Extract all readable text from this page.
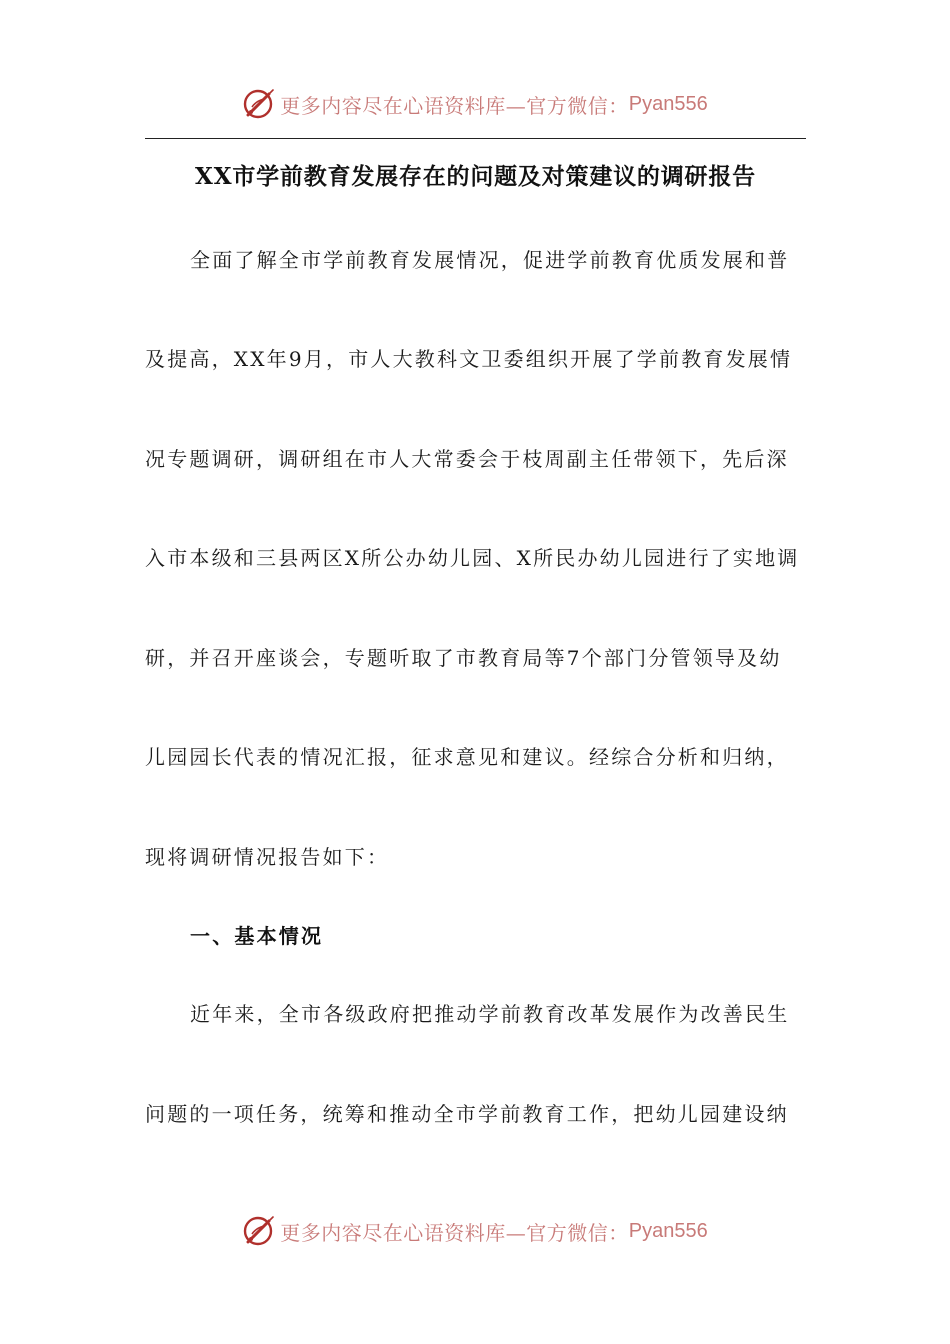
更多内容尽在心语资料库—官方微信： Pyan556
XX市学前教育发展存在的问题及对策建议的调研报告
全面了解全市学前教育发展情况，促进学前教育优质发展和普
及提高，XX年9月，市人大教科文卫委组织开展了学前教育发展情
况专题调研，调研组在市人大常委会于枝周副主任带领下，先后深
入市本级和三县两区X所公办幼儿园、X所民办幼儿园进行了实地调
研，并召开座谈会，专题听取了市教育局等7个部门分管领导及幼
儿园园长代表的情况汇报，征求意见和建议。经综合分析和归纳，
现将调研情况报告如下：
一、基本情况
近年来，全市各级政府把推动学前教育改革发展作为改善民生
问题的一项任务，统筹和推动全市学前教育工作，把幼儿园建设纳
更多内容尽在心语资料库—官方微信： Pyan556
